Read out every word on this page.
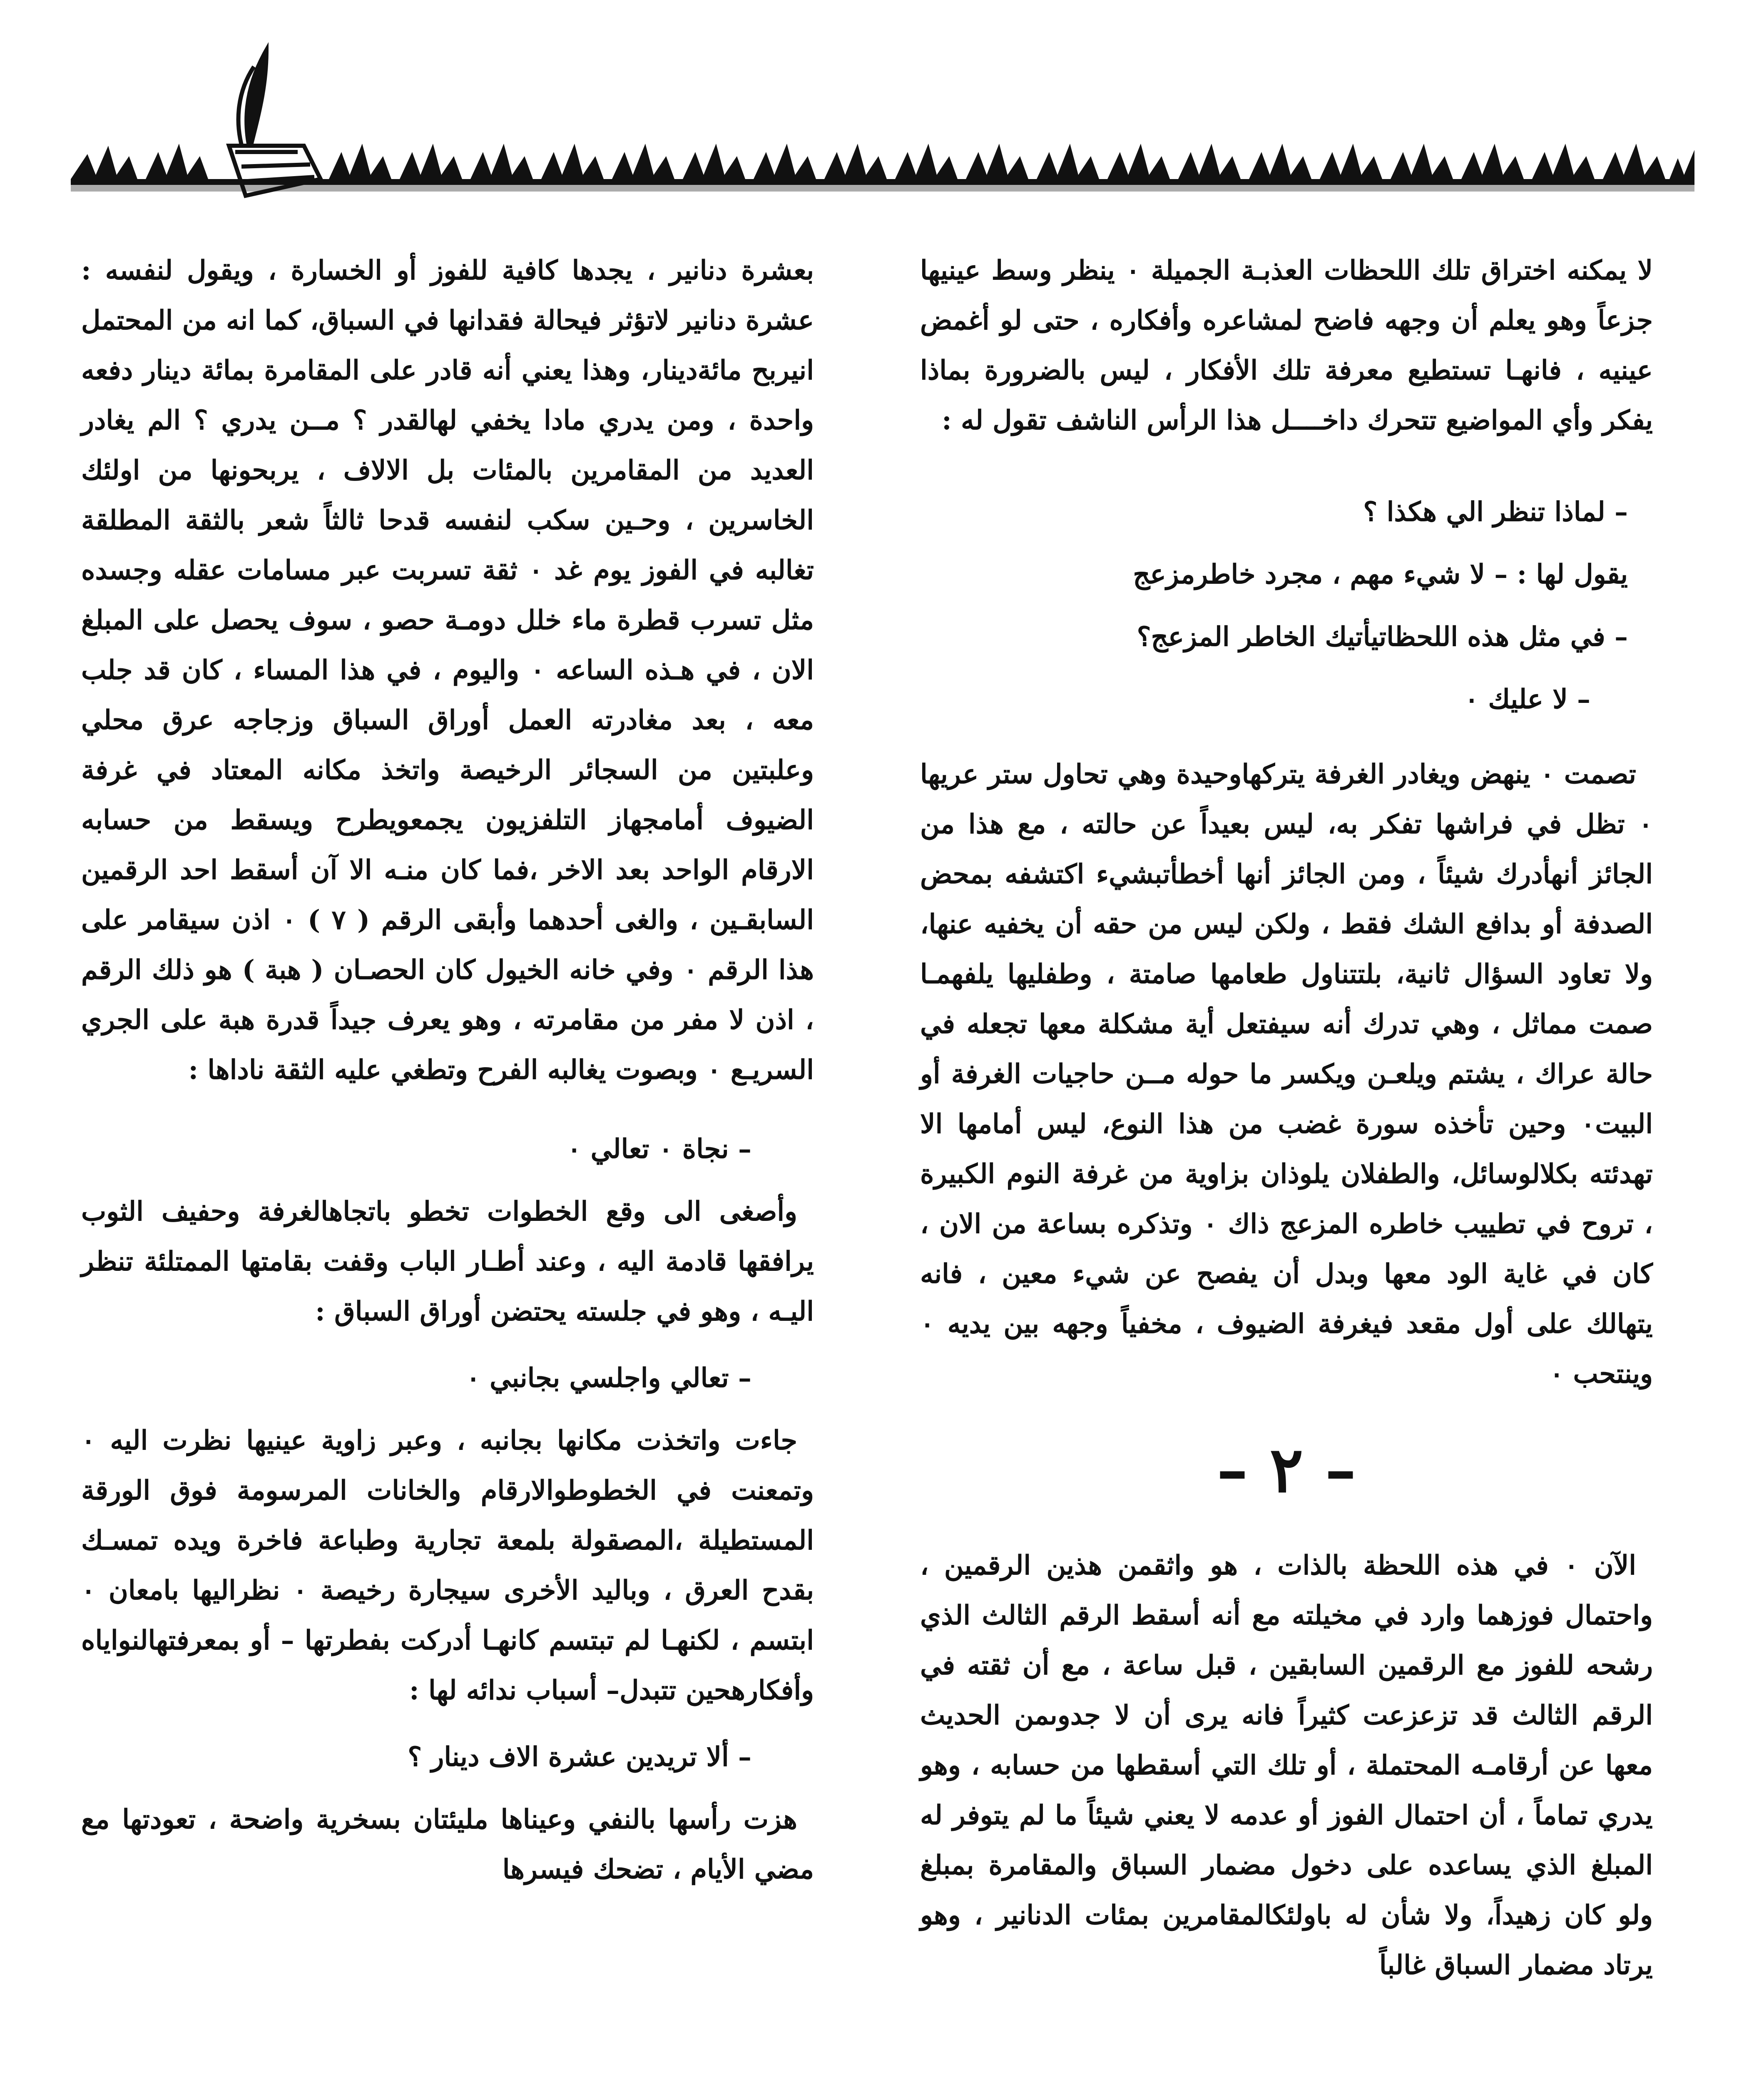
لا يمكنه اختراق تلك اللحظات العذبـة الجميلة ٠ ينظر وسط عينيها جزعاً وهو يعلم أن وجهه فاضح لمشاعره وأفكاره ، حتى لو أغمض عينيه ، فانهـا تستطيع معرفة تلك الأفكار ، ليس بالضرورة بماذا يفكر وأي المواضيع تتحرك داخــــل هذا الرأس الناشف تقول له :

– لماذا تنظر الي هكذا ؟

يقول لها : – لا شيء مهم ، مجرد خاطرمزعج

– في مثل هذه اللحظاتيأتيك الخاطر المزعج؟

– لا عليك ٠

تصمت ٠ ينهض ويغادر الغرفة يتركهاوحيدة وهي تحاول ستر عريها ٠ تظل في فراشها تفكر به، ليس بعيداً عن حالته ، مع هذا من الجائز أنهأدرك شيئاً ، ومن الجائز أنها أخطأتبشيء اكتشفه بمحض الصدفة أو بدافع الشك فقط ، ولكن ليس من حقه أن يخفيه عنها، ولا تعاود السؤال ثانية، بلتتناول طعامها صامتة ، وطفليها يلفهمـا صمت مماثل ، وهي تدرك أنه سيفتعل أية مشكلة معها تجعله في حالة عراك ، يشتم ويلعـن ويكسر ما حوله مــن حاجيات الغرفة أو البيت٠ وحين تأخذه سورة غضب من هذا النوع، ليس أمامها الا تهدئته بكلالوسائل، والطفلان يلوذان بزاوية من غرفة النوم الكبيرة ، تروح في تطييب خاطره المزعج ذاك ٠ وتذكره بساعة من الان ، كان في غاية الود معها وبدل أن يفصح عن شيء معين ، فانه يتهالك على أول مقعد فيغرفة الضيوف ، مخفياً وجهه بين يديه ٠ وينتحب ٠

– ٢ –

الآن ٠ في هذه اللحظة بالذات ، هو واثقمن هذين الرقمين ، واحتمال فوزهما وارد في مخيلته مع أنه أسقط الرقم الثالث الذي رشحه للفوز مع الرقمين السابقين ، قبل ساعة ، مع أن ثقته في الرقم الثالث قد تزعزعت كثيراً فانه يرى أن لا جدوىمن الحديث معها عن أرقامـه المحتملة ، أو تلك التي أسقطها من حسابه ، وهو يدري تماماً ، أن احتمال الفوز أو عدمه لا يعني شيئاً ما لم يتوفر له المبلغ الذي يساعده على دخول مضمار السباق والمقامرة بمبلغ ولو كان زهيداً، ولا شأن له باولئكالمقامرين بمئات الدنانير ، وهو يرتاد مضمار السباق غالباً

بعشرة دنانير ، يجدها كافية للفوز أو الخسارة ، ويقول لنفسه : عشرة دنانير لاتؤثر فيحالة فقدانها في السباق، كما انه من المحتمل انيربح مائةدينار، وهذا يعني أنه قادر على المقامرة بمائة دينار دفعه واحدة ، ومن يدري مادا يخفي لهالقدر ؟ مــن يدري ؟ الم يغادر العديد من المقامرين بالمئات بل الالاف ، يربحونها من اولئك الخاسرين ، وحـين سكب لنفسه قدحا ثالثاً شعر بالثقة المطلقة تغالبه في الفوز يوم غد ٠ ثقة تسربت عبر مسامات عقله وجسده مثل تسرب قطرة ماء خلل دومـة حصو ، سوف يحصل على المبلغ الان ، في هـذه الساعه ٠ واليوم ، في هذا المساء ، كان قد جلب معه ، بعد مغادرته العمل أوراق السباق وزجاجه عرق محلي وعلبتين من السجائر الرخيصة واتخذ مكانه المعتاد في غرفة الضيوف أمامجهاز التلفزيون يجمعويطرح ويسقط من حسابه الارقام الواحد بعد الاخر ،فما كان منـه الا آن أسقط احد الرقمين السابقـين ، والغى أحدهما وأبقى الرقم ( ٧ ) ٠ اذن سيقامر على هذا الرقم ٠ وفي خانه الخيول كان الحصـان ( هبة ) هو ذلك الرقم ، اذن لا مفر من مقامرته ، وهو يعرف جيداً قدرة هبة على الجري السريـع ٠ وبصوت يغالبه الفرح وتطغي عليه الثقة ناداها :

– نجاة ٠ تعالي ٠

وأصغى الى وقع الخطوات تخطو باتجاهالغرفة وحفيف الثوب يرافقها قادمة اليه ، وعند أطـار الباب وقفت بقامتها الممتلئة تنظر اليـه ، وهو في جلسته يحتضن أوراق السباق :

– تعالي واجلسي بجانبي ٠

جاءت واتخذت مكانها بجانبه ، وعبر زاوية عينيها نظرت اليه ٠ وتمعنت في الخطوطوالارقام والخانات المرسومة فوق الورقة المستطيلة ،المصقولة بلمعة تجارية وطباعة فاخرة ويده تمسـك بقدح العرق ، وباليد الأخرى سيجارة رخيصة ٠ نظراليها بامعان ٠ ابتسم ، لكنهـا لم تبتسم كانهـا أدركت بفطرتها – أو بمعرفتهالنواياه وأفكارهحين تتبدل– أسباب ندائه لها :

– ألا تريدين عشرة الاف دينار ؟

هزت رأسها بالنفي وعيناها مليئتان بسخرية واضحة ، تعودتها مع مضي الأيام ، تضحك فيسرها
